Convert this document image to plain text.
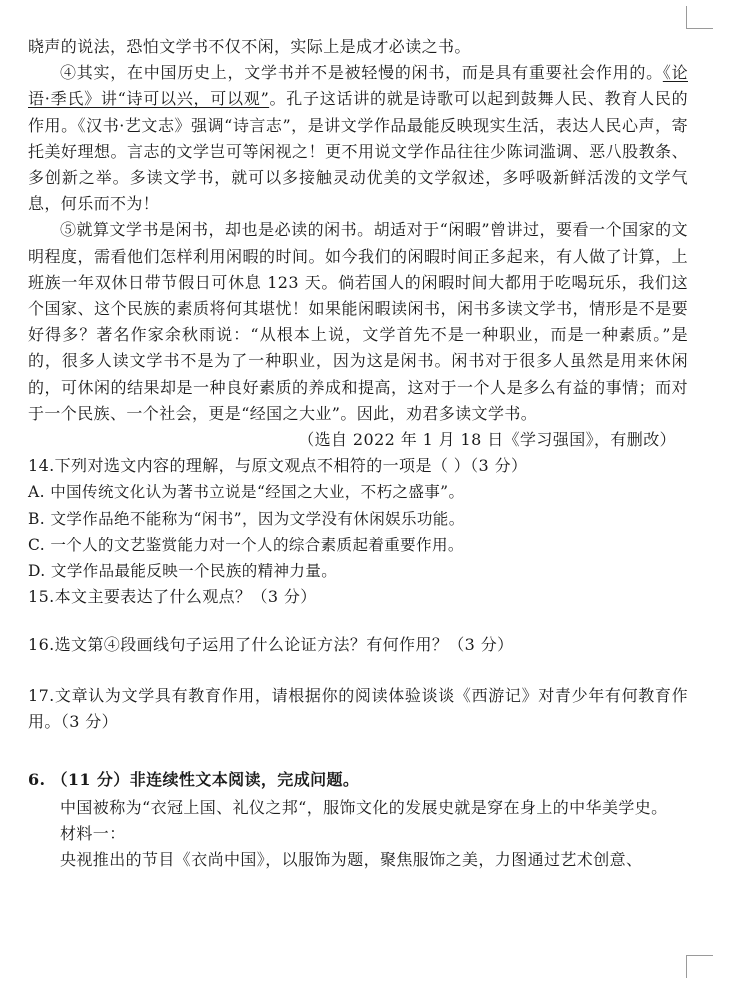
晓声的说法，恐怕文学书不仅不闲，实际上是成才必读之书。

④其实，在中国历史上，文学书并不是被轻慢的闲书，而是具有重要社会作用的。《论语·季氏》讲“诗可以兴，可以观”。孔子这话讲的就是诗歌可以起到鼓舞人民、教育人民的作用。《汉书·艺文志》强调“诗言志”，是讲文学作品最能反映现实生活，表达人民心声，寄托美好理想。言志的文学岂可等闲视之！更不用说文学作品往往少陈词滥调、恶八股教条、多创新之举。多读文学书，就可以多接触灵动优美的文学叙述，多呼吸新鲜活泼的文学气息，何乐而不为！

⑤就算文学书是闲书，却也是必读的闲书。胡适对于“闲暇”曾讲过，要看一个国家的文明程度，需看他们怎样利用闲暇的时间。如今我们的闲暇时间正多起来，有人做了计算，上班族一年双休日带节假日可休息 123 天。倘若国人的闲暇时间大都用于吃喝玩乐，我们这个国家、这个民族的素质将何其堪忧！如果能闲暇读闲书，闲书多读文学书，情形是不是要好得多？著名作家余秋雨说：“从根本上说，文学首先不是一种职业，而是一种素质。”是的，很多人读文学书不是为了一种职业，因为这是闲书。闲书对于很多人虽然是用来休闲的，可休闲的结果却是一种良好素质的养成和提高，这对于一个人是多么有益的事情；而对于一个民族、一个社会，更是“经国之大业”。因此，劝君多读文学书。

（选自 2022 年 1 月 18 日《学习强国》，有删改）

14.下列对选文内容的理解，与原文观点不相符的一项是（ ）（3 分）

A. 中国传统文化认为著书立说是“经国之大业，不朽之盛事”。

B. 文学作品绝不能称为“闲书”，因为文学没有休闲娱乐功能。

C. 一个人的文艺鉴赏能力对一个人的综合素质起着重要作用。

D. 文学作品最能反映一个民族的精神力量。

15.本文主要表达了什么观点？（3 分）

16.选文第④段画线句子运用了什么论证方法？有何作用？（3 分）

17.文章认为文学具有教育作用，请根据你的阅读体验谈谈《西游记》对青少年有何教育作用。（3 分）

6. （11 分）非连续性文本阅读，完成问题。

中国被称为“衣冠上国、礼仪之邦“，服饰文化的发展史就是穿在身上的中华美学史。

材料一：

央视推出的节目《衣尚中国》，以服饰为题，聚焦服饰之美，力图通过艺术创意、
